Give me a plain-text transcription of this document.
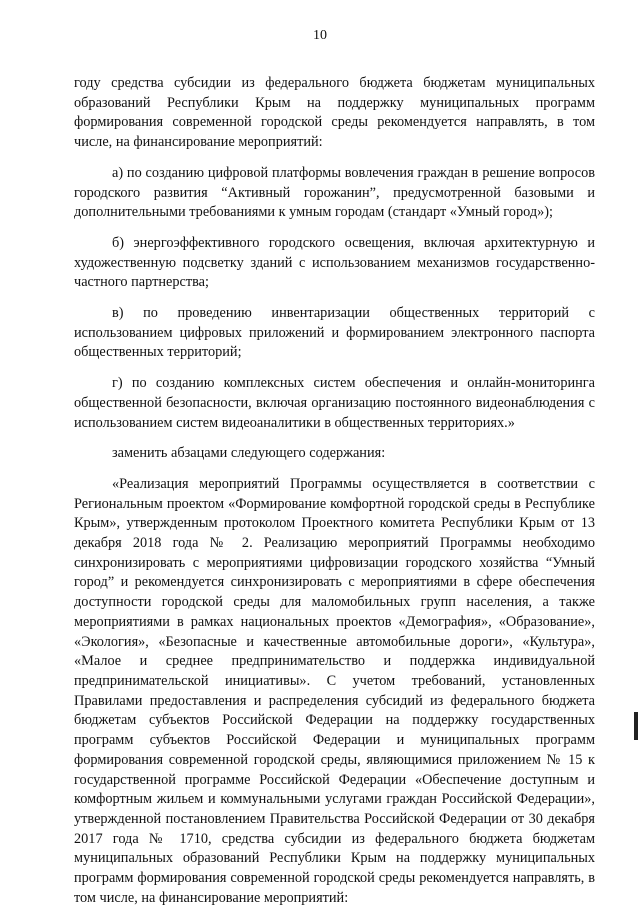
10

году средства субсидии из федерального бюджета бюджетам муниципальных образований Республики Крым на поддержку муниципальных программ формирования современной городской среды рекомендуется направлять, в том числе, на финансирование мероприятий:

а) по созданию цифровой платформы вовлечения граждан в решение вопросов городского развития “Активный горожанин”, предусмотренной базовыми и дополнительными требованиями к умным городам (стандарт «Умный город»);

б) энергоэффективного городского освещения, включая архитектурную и художественную подсветку зданий с использованием механизмов государственно-частного партнерства;

в) по проведению инвентаризации общественных территорий с использованием цифровых приложений и формированием электронного паспорта общественных территорий;

г) по созданию комплексных систем обеспечения и онлайн-мониторинга общественной безопасности, включая организацию постоянного видеонаблюдения с использованием систем видеоаналитики в общественных территориях.»

заменить абзацами следующего содержания:

«Реализация мероприятий Программы осуществляется в соответствии с Региональным проектом «Формирование комфортной городской среды в Республике Крым», утвержденным протоколом Проектного комитета Республики Крым от 13 декабря 2018 года № 2. Реализацию мероприятий Программы необходимо синхронизировать с мероприятиями цифровизации городского хозяйства “Умный город” и рекомендуется синхронизировать с мероприятиями в сфере обеспечения доступности городской среды для маломобильных групп населения, а также мероприятиями в рамках национальных проектов «Демография», «Образование», «Экология», «Безопасные и качественные автомобильные дороги», «Культура», «Малое и среднее предпринимательство и поддержка индивидуальной предпринимательской инициативы». С учетом требований, установленных Правилами предоставления и распределения субсидий из федерального бюджета бюджетам субъектов Российской Федерации на поддержку государственных программ субъектов Российской Федерации и муниципальных программ формирования современной городской среды, являющимися приложением № 15 к государственной программе Российской Федерации «Обеспечение доступным и комфортным жильем и коммунальными услугами граждан Российской Федерации», утвержденной постановлением Правительства Российской Федерации от 30 декабря 2017 года № 1710, средства субсидии из федерального бюджета бюджетам муниципальных образований Республики Крым на поддержку муниципальных программ формирования современной городской среды рекомендуется направлять, в том числе, на финансирование мероприятий:
